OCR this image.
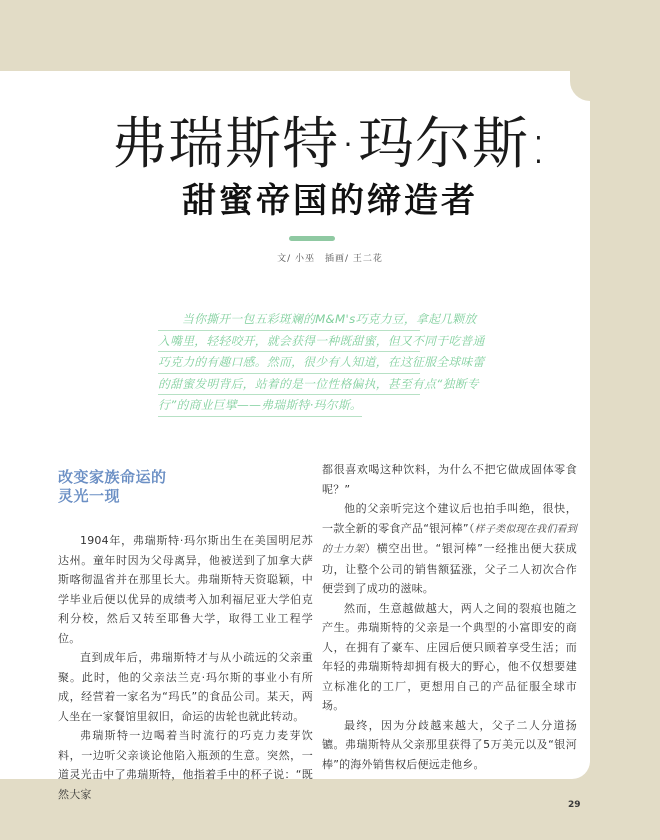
弗瑞斯特·玛尔斯:
甜蜜帝国的缔造者
文/ 小巫　插画/ 王二花
当你撕开一包五彩斑斓的M&M's巧克力豆，拿起几颗放
入嘴里，轻轻咬开，就会获得一种既甜蜜，但又不同于吃普通
巧克力的有趣口感。然而，很少有人知道，在这征服全球味蕾
的甜蜜发明背后，站着的是一位性格偏执，甚至有点“独断专
行”的商业巨擘——弗瑞斯特·玛尔斯。
改变家族命运的
灵光一现

1904年，弗瑞斯特·玛尔斯出生在美国明尼苏达州。童年时因为父母离异，他被送到了加拿大萨斯喀彻温省并在那里长大。弗瑞斯特天资聪颖，中学毕业后便以优异的成绩考入加利福尼亚大学伯克利分校，然后又转至耶鲁大学，取得工业工程学位。

直到成年后，弗瑞斯特才与从小疏远的父亲重聚。此时，他的父亲法兰克·玛尔斯的事业小有所成，经营着一家名为“玛氏”的食品公司。某天，两人坐在一家餐馆里叙旧，命运的齿轮也就此转动。

弗瑞斯特一边喝着当时流行的巧克力麦芽饮料，一边听父亲谈论他陷入瓶颈的生意。突然，一道灵光击中了弗瑞斯特，他指着手中的杯子说：“既然大家

都很喜欢喝这种饮料，为什么不把它做成固体零食呢？”

他的父亲听完这个建议后也拍手叫绝，很快，一款全新的零食产品“银河棒”（样子类似现在我们看到的士力架）横空出世。“银河棒”一经推出便大获成功，让整个公司的销售额猛涨，父子二人初次合作便尝到了成功的滋味。

然而，生意越做越大，两人之间的裂痕也随之产生。弗瑞斯特的父亲是一个典型的小富即安的商人，在拥有了豪车、庄园后便只顾着享受生活；而年轻的弗瑞斯特却拥有极大的野心，他不仅想要建立标准化的工厂，更想用自己的产品征服全球市场。

最终，因为分歧越来越大，父子二人分道扬镳。弗瑞斯特从父亲那里获得了5万美元以及“银河棒”的海外销售权后便远走他乡。

29
